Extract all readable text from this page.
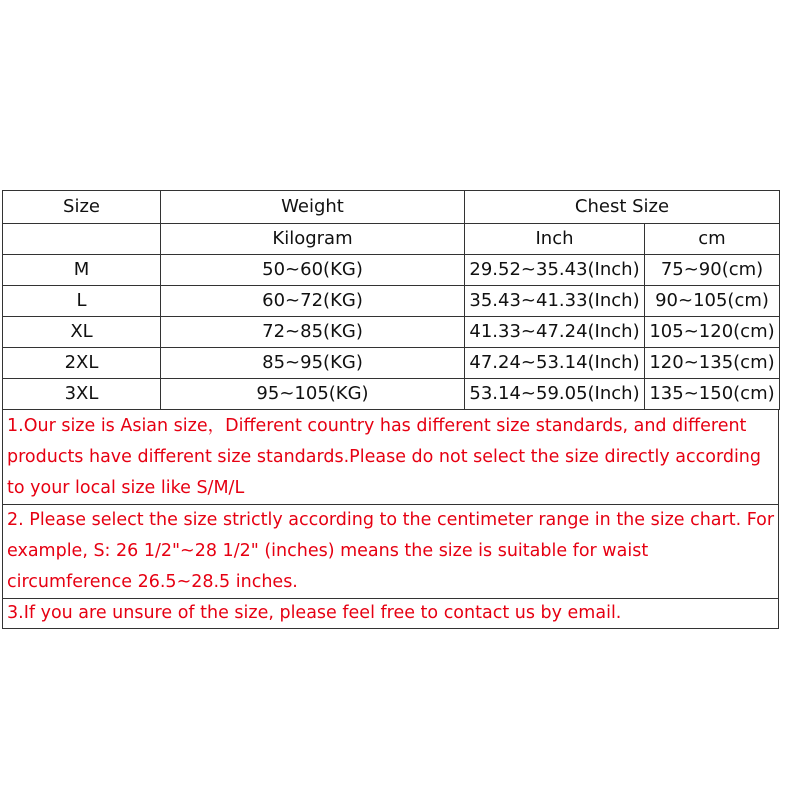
Size	Weight	Chest Size	
	Kilogram	Inch	cm
M	50~60(KG)	29.52~35.43(Inch)	75~90(cm)
L	60~72(KG)	35.43~41.33(Inch)	90~105(cm)
XL	72~85(KG)	41.33~47.24(Inch)	105~120(cm)
2XL	85~95(KG)	47.24~53.14(Inch)	120~135(cm)
3XL	95~105(KG)	53.14~59.05(Inch)	135~150(cm)
1.Our size is Asian size，Different country has different size standards, and different products have different size standards.Please do not select the size directly according to your local size like S/M/L
2. Please select the size strictly according to the centimeter range in the size chart. For example, S: 26 1/2"~28 1/2" (inches) means the size is suitable for waist circumference 26.5~28.5 inches.
3.If you are unsure of the size, please feel free to contact us by email.
